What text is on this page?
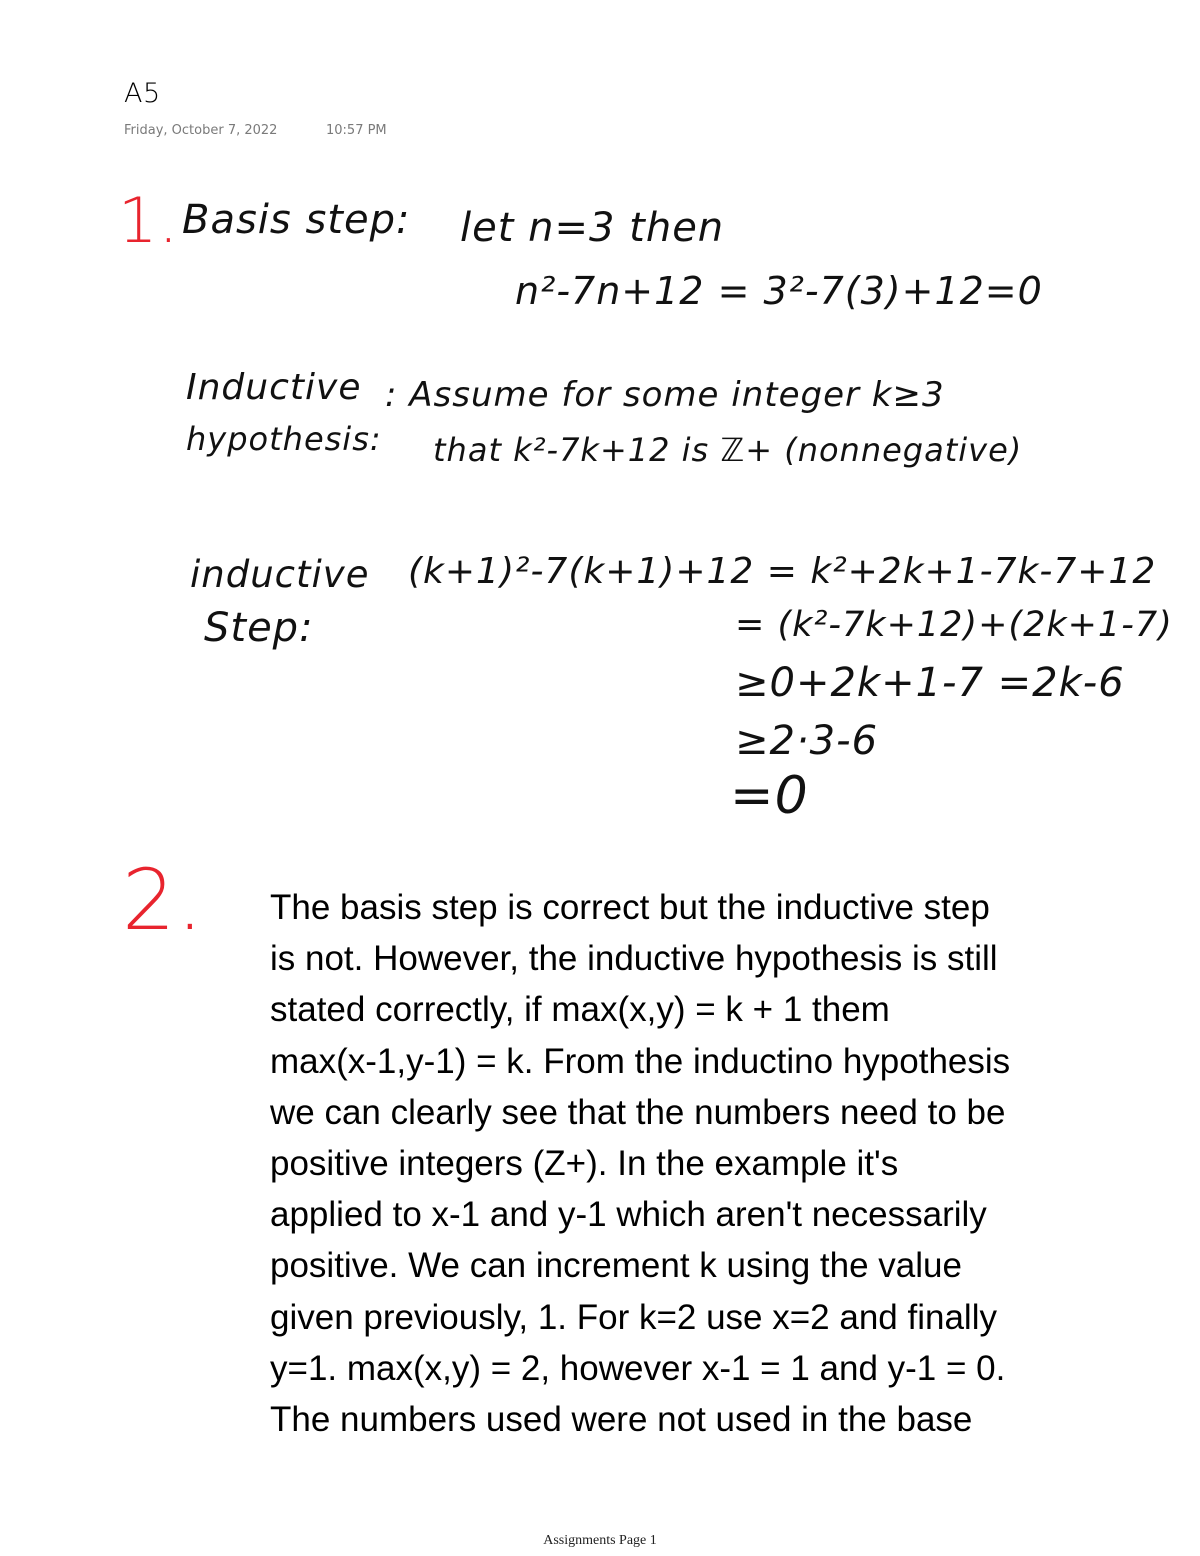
A5
Friday, October 7, 2022	10:57 PM
1. Basis step: let n=3 then
n²-7n+12 = 3²-7(3)+12=0
Inductive
hypothesis:
: Assume for some integer k≥3
that k²-7k+12 is ℤ+ (nonnegative)
inductive
Step:
(k+1)²-7(k+1)+12 = k²+2k+1-7k-7+12
= (k²-7k+12)+(2k+1-7)
≥0+2k+1-7 =2k-6
≥2·3-6
=0
2. The basis step is correct but the inductive step
is not. However, the inductive hypothesis is still
stated correctly, if max(x,y) = k + 1 them
max(x-1,y-1) = k. From the inductino hypothesis
we can clearly see that the numbers need to be
positive integers (Z+). In the example it's
applied to x-1 and y-1 which aren't necessarily
positive. We can increment k using the value
given previously, 1. For k=2 use x=2 and finally
y=1. max(x,y) = 2, however x-1 = 1 and y-1 = 0.
The numbers used were not used in the base

Assignments Page 1
